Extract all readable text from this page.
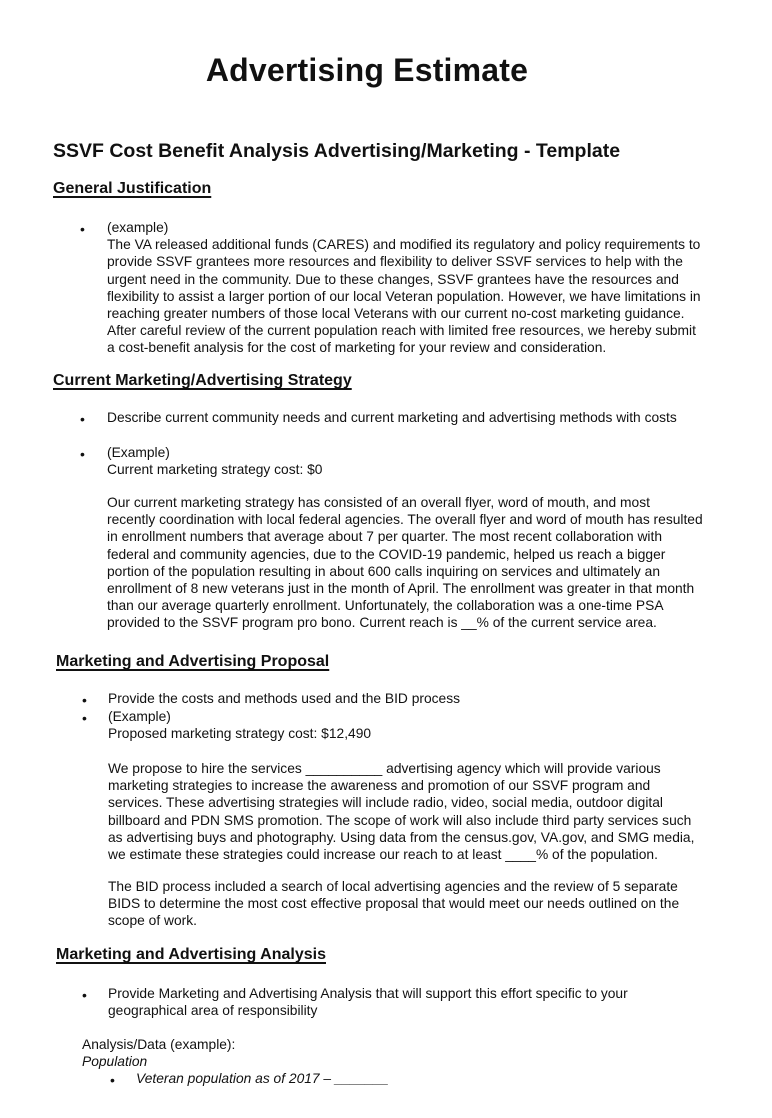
Advertising Estimate
SSVF Cost Benefit Analysis Advertising/Marketing - Template
General Justification
• (example)
The VA released additional funds (CARES) and modified its regulatory and policy requirements to
provide SSVF grantees more resources and flexibility to deliver SSVF services to help with the
urgent need in the community. Due to these changes, SSVF grantees have the resources and
flexibility to assist a larger portion of our local Veteran population. However, we have limitations in
reaching greater numbers of those local Veterans with our current no-cost marketing guidance.
After careful review of the current population reach with limited free resources, we hereby submit
a cost-benefit analysis for the cost of marketing for your review and consideration.
Current Marketing/Advertising Strategy
• Describe current community needs and current marketing and advertising methods with costs
• (Example)
Current marketing strategy cost: $0
Our current marketing strategy has consisted of an overall flyer, word of mouth, and most
recently coordination with local federal agencies. The overall flyer and word of mouth has resulted
in enrollment numbers that average about 7 per quarter. The most recent collaboration with
federal and community agencies, due to the COVID-19 pandemic, helped us reach a bigger
portion of the population resulting in about 600 calls inquiring on services and ultimately an
enrollment of 8 new veterans just in the month of April. The enrollment was greater in that month
than our average quarterly enrollment. Unfortunately, the collaboration was a one-time PSA
provided to the SSVF program pro bono. Current reach is __% of the current service area.
Marketing and Advertising Proposal
• Provide the costs and methods used and the BID process
• (Example)
Proposed marketing strategy cost: $12,490
We propose to hire the services __________ advertising agency which will provide various
marketing strategies to increase the awareness and promotion of our SSVF program and
services. These advertising strategies will include radio, video, social media, outdoor digital
billboard and PDN SMS promotion. The scope of work will also include third party services such
as advertising buys and photography. Using data from the census.gov, VA.gov, and SMG media,
we estimate these strategies could increase our reach to at least ____% of the population.
The BID process included a search of local advertising agencies and the review of 5 separate
BIDS to determine the most cost effective proposal that would meet our needs outlined on the
scope of work.
Marketing and Advertising Analysis
• Provide Marketing and Advertising Analysis that will support this effort specific to your
geographical area of responsibility
Analysis/Data (example):
Population
• Veteran population as of 2017 – _______
